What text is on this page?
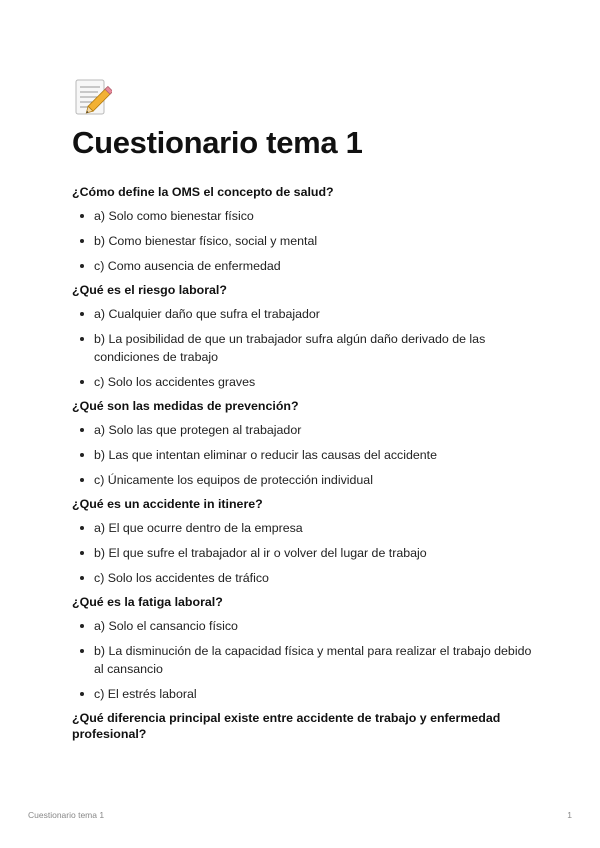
Cuestionario tema 1

¿Cómo define la OMS el concepto de salud?

a) Solo como bienestar físico
b) Como bienestar físico, social y mental
c) Como ausencia de enfermedad

¿Qué es el riesgo laboral?

a) Cualquier daño que sufra el trabajador
b) La posibilidad de que un trabajador sufra algún daño derivado de las condiciones de trabajo
c) Solo los accidentes graves

¿Qué son las medidas de prevención?

a) Solo las que protegen al trabajador
b) Las que intentan eliminar o reducir las causas del accidente
c) Únicamente los equipos de protección individual

¿Qué es un accidente in itinere?

a) El que ocurre dentro de la empresa
b) El que sufre el trabajador al ir o volver del lugar de trabajo
c) Solo los accidentes de tráfico

¿Qué es la fatiga laboral?

a) Solo el cansancio físico
b) La disminución de la capacidad física y mental para realizar el trabajo debido al cansancio
c) El estrés laboral

¿Qué diferencia principal existe entre accidente de trabajo y enfermedad profesional?

Cuestionario tema 1	1
